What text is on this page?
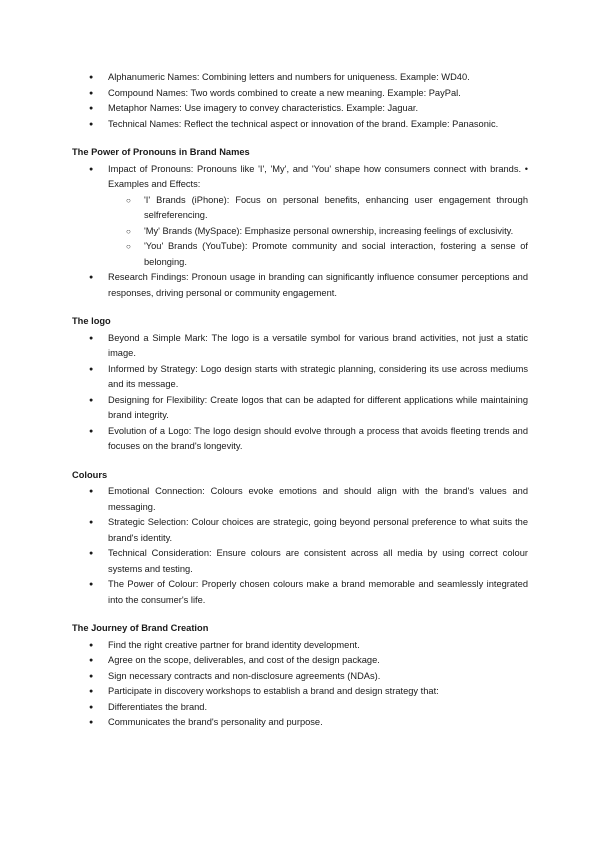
● Alphanumeric Names: Combining letters and numbers for uniqueness. Example: WD40.
● Compound Names: Two words combined to create a new meaning. Example: PayPal.
● Metaphor Names: Use imagery to convey characteristics. Example: Jaguar.
● Technical Names: Reflect the technical aspect or innovation of the brand. Example: Panasonic.
The Power of Pronouns in Brand Names
● Impact of Pronouns: Pronouns like 'I', 'My', and 'You' shape how consumers connect with brands. • Examples and Effects:
○ 'I' Brands (iPhone): Focus on personal benefits, enhancing user engagement through selfreferencing.
○ 'My' Brands (MySpace): Emphasize personal ownership, increasing feelings of exclusivity.
○ 'You' Brands (YouTube): Promote community and social interaction, fostering a sense of belonging.
● Research Findings: Pronoun usage in branding can significantly influence consumer perceptions and responses, driving personal or community engagement.
The logo
● Beyond a Simple Mark: The logo is a versatile symbol for various brand activities, not just a static image.
● Informed by Strategy: Logo design starts with strategic planning, considering its use across mediums and its message.
● Designing for Flexibility: Create logos that can be adapted for different applications while maintaining brand integrity.
● Evolution of a Logo: The logo design should evolve through a process that avoids fleeting trends and focuses on the brand's longevity.
Colours
● Emotional Connection: Colours evoke emotions and should align with the brand's values and messaging.
● Strategic Selection: Colour choices are strategic, going beyond personal preference to what suits the brand's identity.
● Technical Consideration: Ensure colours are consistent across all media by using correct colour systems and testing.
● The Power of Colour: Properly chosen colours make a brand memorable and seamlessly integrated into the consumer's life.
The Journey of Brand Creation
● Find the right creative partner for brand identity development.
● Agree on the scope, deliverables, and cost of the design package.
● Sign necessary contracts and non-disclosure agreements (NDAs).
● Participate in discovery workshops to establish a brand and design strategy that:
● Differentiates the brand.
● Communicates the brand's personality and purpose.
